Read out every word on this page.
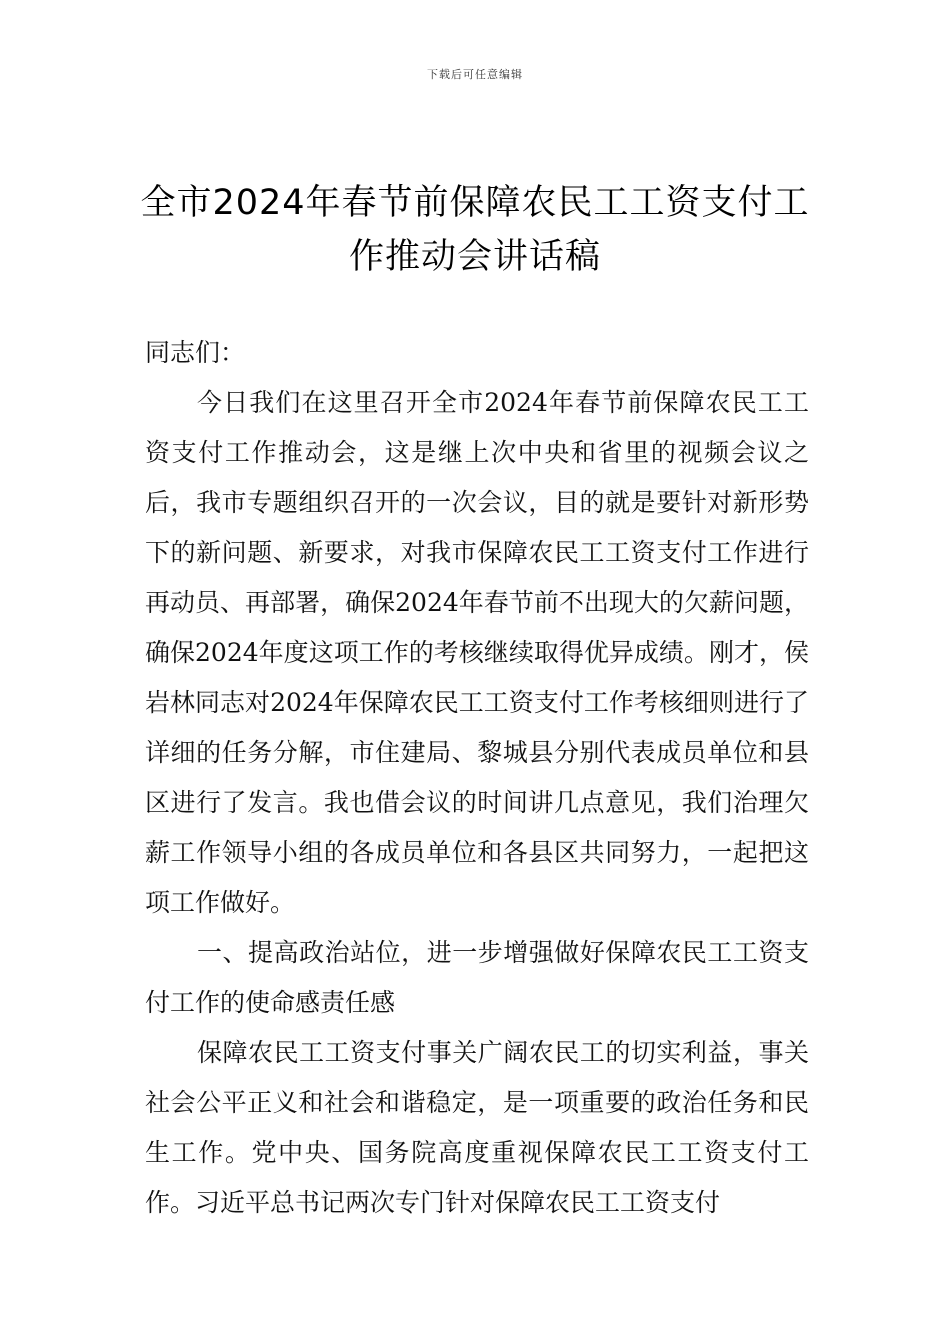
下载后可任意编辑
全市2024年春节前保障农民工工资支付工作推动会讲话稿

同志们：

今日我们在这里召开全市2024年春节前保障农民工工资支付工作推动会，这是继上次中央和省里的视频会议之后，我市专题组织召开的一次会议，目的就是要针对新形势下的新问题、新要求，对我市保障农民工工资支付工作进行再动员、再部署，确保2024年春节前不出现大的欠薪问题，确保2024年度这项工作的考核继续取得优异成绩。刚才，侯岩林同志对2024年保障农民工工资支付工作考核细则进行了详细的任务分解，市住建局、黎城县分别代表成员单位和县区进行了发言。我也借会议的时间讲几点意见，我们治理欠薪工作领导小组的各成员单位和各县区共同努力，一起把这项工作做好。

一、提高政治站位，进一步增强做好保障农民工工资支付工作的使命感责任感

保障农民工工资支付事关广阔农民工的切实利益，事关社会公平正义和社会和谐稳定，是一项重要的政治任务和民生工作。党中央、国务院高度重视保障农民工工资支付工作。习近平总书记两次专门针对保障农民工工资支付
